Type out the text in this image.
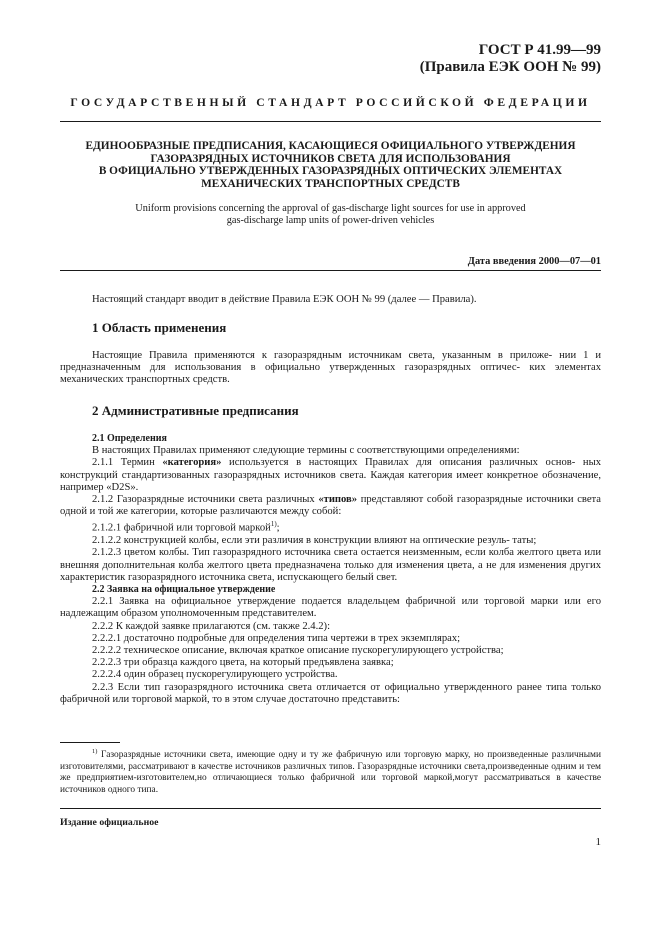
ГОСТ Р 41.99—99
(Правила ЕЭК ООН № 99)
ГОСУДАРСТВЕННЫЙ СТАНДАРТ РОССИЙСКОЙ ФЕДЕРАЦИИ
ЕДИНООБРАЗНЫЕ ПРЕДПИСАНИЯ, КАСАЮЩИЕСЯ ОФИЦИАЛЬНОГО УТВЕРЖДЕНИЯ
ГАЗОРАЗРЯДНЫХ ИСТОЧНИКОВ СВЕТА ДЛЯ ИСПОЛЬЗОВАНИЯ
В ОФИЦИАЛЬНО УТВЕРЖДЕННЫХ ГАЗОРАЗРЯДНЫХ ОПТИЧЕСКИХ ЭЛЕМЕНТАХ
МЕХАНИЧЕСКИХ ТРАНСПОРТНЫХ СРЕДСТВ
Uniform provisions concerning the approval of gas-discharge light sources for use in approved
gas-discharge lamp units of power-driven vehicles
Дата введения 2000—07—01

Настоящий стандарт вводит в действие Правила ЕЭК ООН № 99 (далее — Правила).

1 Область применения

Настоящие Правила применяются к газоразрядным источникам света, указанным в приложе- нии 1 и предназначенным для использования в официально утвержденных газоразрядных оптичес- ких элементах механических транспортных средств.

2 Административные предписания

2.1 Определения

В настоящих Правилах применяют следующие термины с соответствующими определениями:

2.1.1 Термин «категория» используется в настоящих Правилах для описания различных основ- ных конструкций стандартизованных газоразрядных источников света. Каждая категория имеет конкретное обозначение, например «D2S».

2.1.2 Газоразрядные источники света различных «типов» представляют собой газоразрядные источники света одной и той же категории, которые различаются между собой:

2.1.2.1 фабричной или торговой маркой$^{1)}$;

2.1.2.2 конструкцией колбы, если эти различия в конструкции влияют на оптические резуль- таты;

2.1.2.3 цветом колбы. Тип газоразрядного источника света остается неизменным, если колба желтого цвета или внешняя дополнительная колба желтого цвета предназначена только для изменения цвета, а не для изменения других характеристик газоразрядного источника света, испускающего белый свет.

2.2 Заявка на официальное утверждение

2.2.1 Заявка на официальное утверждение подается владельцем фабричной или торговой марки или его надлежащим образом уполномоченным представителем.

2.2.2 К каждой заявке прилагаются (см. также 2.4.2):

2.2.2.1 достаточно подробные для определения типа чертежи в трех экземплярах;

2.2.2.2 техническое описание, включая краткое описание пускорегулирующего устройства;

2.2.2.3 три образца каждого цвета, на который предъявлена заявка;

2.2.2.4 один образец пускорегулирующего устройства.

2.2.3 Если тип газоразрядного источника света отличается от официально утвержденного ранее типа только фабричной или торговой маркой, то в этом случае достаточно представить:

$^{1)}$ Газоразрядные источники света, имеющие одну и ту же фабричную или торговую марку, но произведенные различными изготовителями, рассматривают в качестве источников различных типов. Газоразрядные источники света,произведенные одним и тем же предприятием-изготовителем,но отличающиеся только фабричной или торговой маркой,могут рассматриваться в качестве источников одного типа.

Издание официальное
1
